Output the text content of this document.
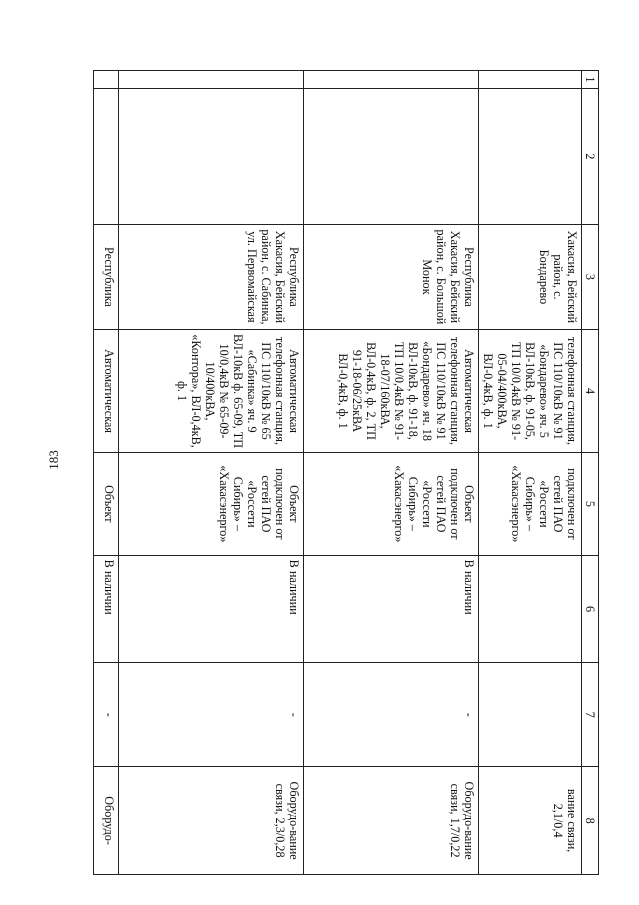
183
1	2	3	4	5	6	7	8
		Хакасия, Бейский район, с. Бондарево	телефонная станция, ПС 110/10кВ № 91 «Бондарево» яч. 5 ВЛ-10кВ, ф. 91-05, ТП 10/0,4кВ № 91-05-04/400кВА, ВЛ-0,4кВ, ф. 1	подключен от сетей ПАО «Россети Сибирь» – «Хакасэнерго»			вание связи, 2,1/0,4
		Республика Хакасия, Бейский район, с. Большой Монок	Автоматическая телефонная станция, ПС 110/10кВ № 91 «Бондарево» яч. 18 ВЛ-10кВ, ф. 91-18, ТП 10/0,4кВ № 91-18-07/160кВА, ВЛ-0,4кВ, ф. 2, ТП 91-18-06/25кВА ВЛ-0,4кВ, ф. 1	Объект подключен от сетей ПАО «Россети Сибирь» – «Хакасэнерго»	В наличии	-	Оборудо-вание связи, 1,7/0,22
		Республика Хакасия, Бейский район, с. Сабинка, ул. Первомайская	Автоматическая телефонная станция, ПС 110/10кВ № 65 «Сабинка» яч. 9 ВЛ-10кВ ф. 65-09, ТП 10/0,4кВ № 65-09-10/400кВА, «Контора», ВЛ-0,4кВ, ф. 1	Объект подключен от сетей ПАО «Россети Сибирь» – «Хакасэнерго»	В наличии	-	Оборудо-вание связи, 2,3/0,28
		Республика	Автоматическая	Объект	В наличии	-	Оборудо-
